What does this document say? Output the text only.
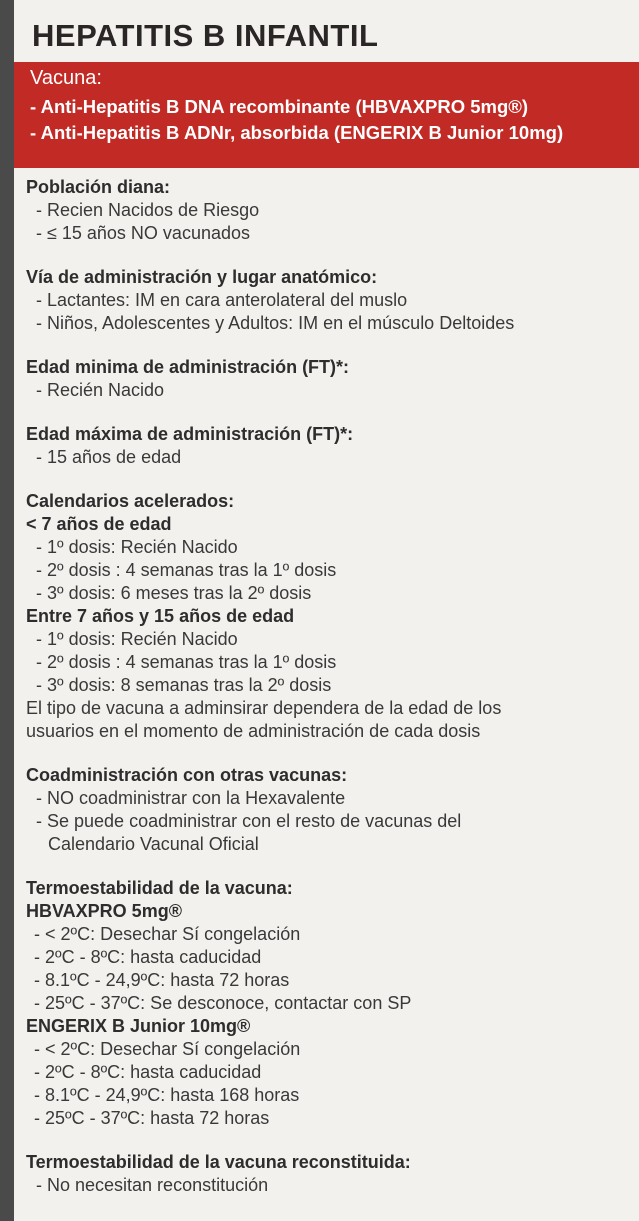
HEPATITIS B INFANTIL
Vacuna:
- Anti-Hepatitis B DNA recombinante (HBVAXPRO 5mg®)
- Anti-Hepatitis B ADNr, absorbida (ENGERIX B Junior 10mg)
Población diana:
- Recien Nacidos de Riesgo
- ≤ 15 años NO vacunados
Vía de administración y lugar anatómico:
- Lactantes: IM en cara anterolateral del muslo
- Niños, Adolescentes y Adultos: IM en el músculo Deltoides
Edad minima de administración (FT)*:
- Recién Nacido
Edad máxima de administración (FT)*:
- 15 años de edad
Calendarios acelerados:
< 7 años de edad
- 1º dosis: Recién Nacido
- 2º dosis : 4 semanas tras la 1º dosis
- 3º dosis: 6 meses tras la 2º dosis
Entre 7 años y 15 años de edad
- 1º dosis: Recién Nacido
- 2º dosis : 4 semanas tras la 1º dosis
- 3º dosis: 8 semanas tras la 2º dosis
El tipo de vacuna a adminsirar dependera de la edad de los
usuarios en el momento de administración de cada dosis
Coadministración con otras vacunas:
- NO coadministrar con la Hexavalente
- Se puede coadministrar con el resto de vacunas del
Calendario Vacunal Oficial
Termoestabilidad de la vacuna:
HBVAXPRO 5mg®
- < 2ºC: Desechar Sí congelación
- 2ºC - 8ºC: hasta caducidad
- 8.1ºC - 24,9ºC: hasta 72 horas
- 25ºC - 37ºC: Se desconoce, contactar con SP
ENGERIX B Junior 10mg®
- < 2ºC: Desechar Sí congelación
- 2ºC - 8ºC: hasta caducidad
- 8.1ºC - 24,9ºC: hasta 168 horas
- 25ºC - 37ºC: hasta 72 horas
Termoestabilidad de la vacuna reconstituida:
- No necesitan reconstitución
